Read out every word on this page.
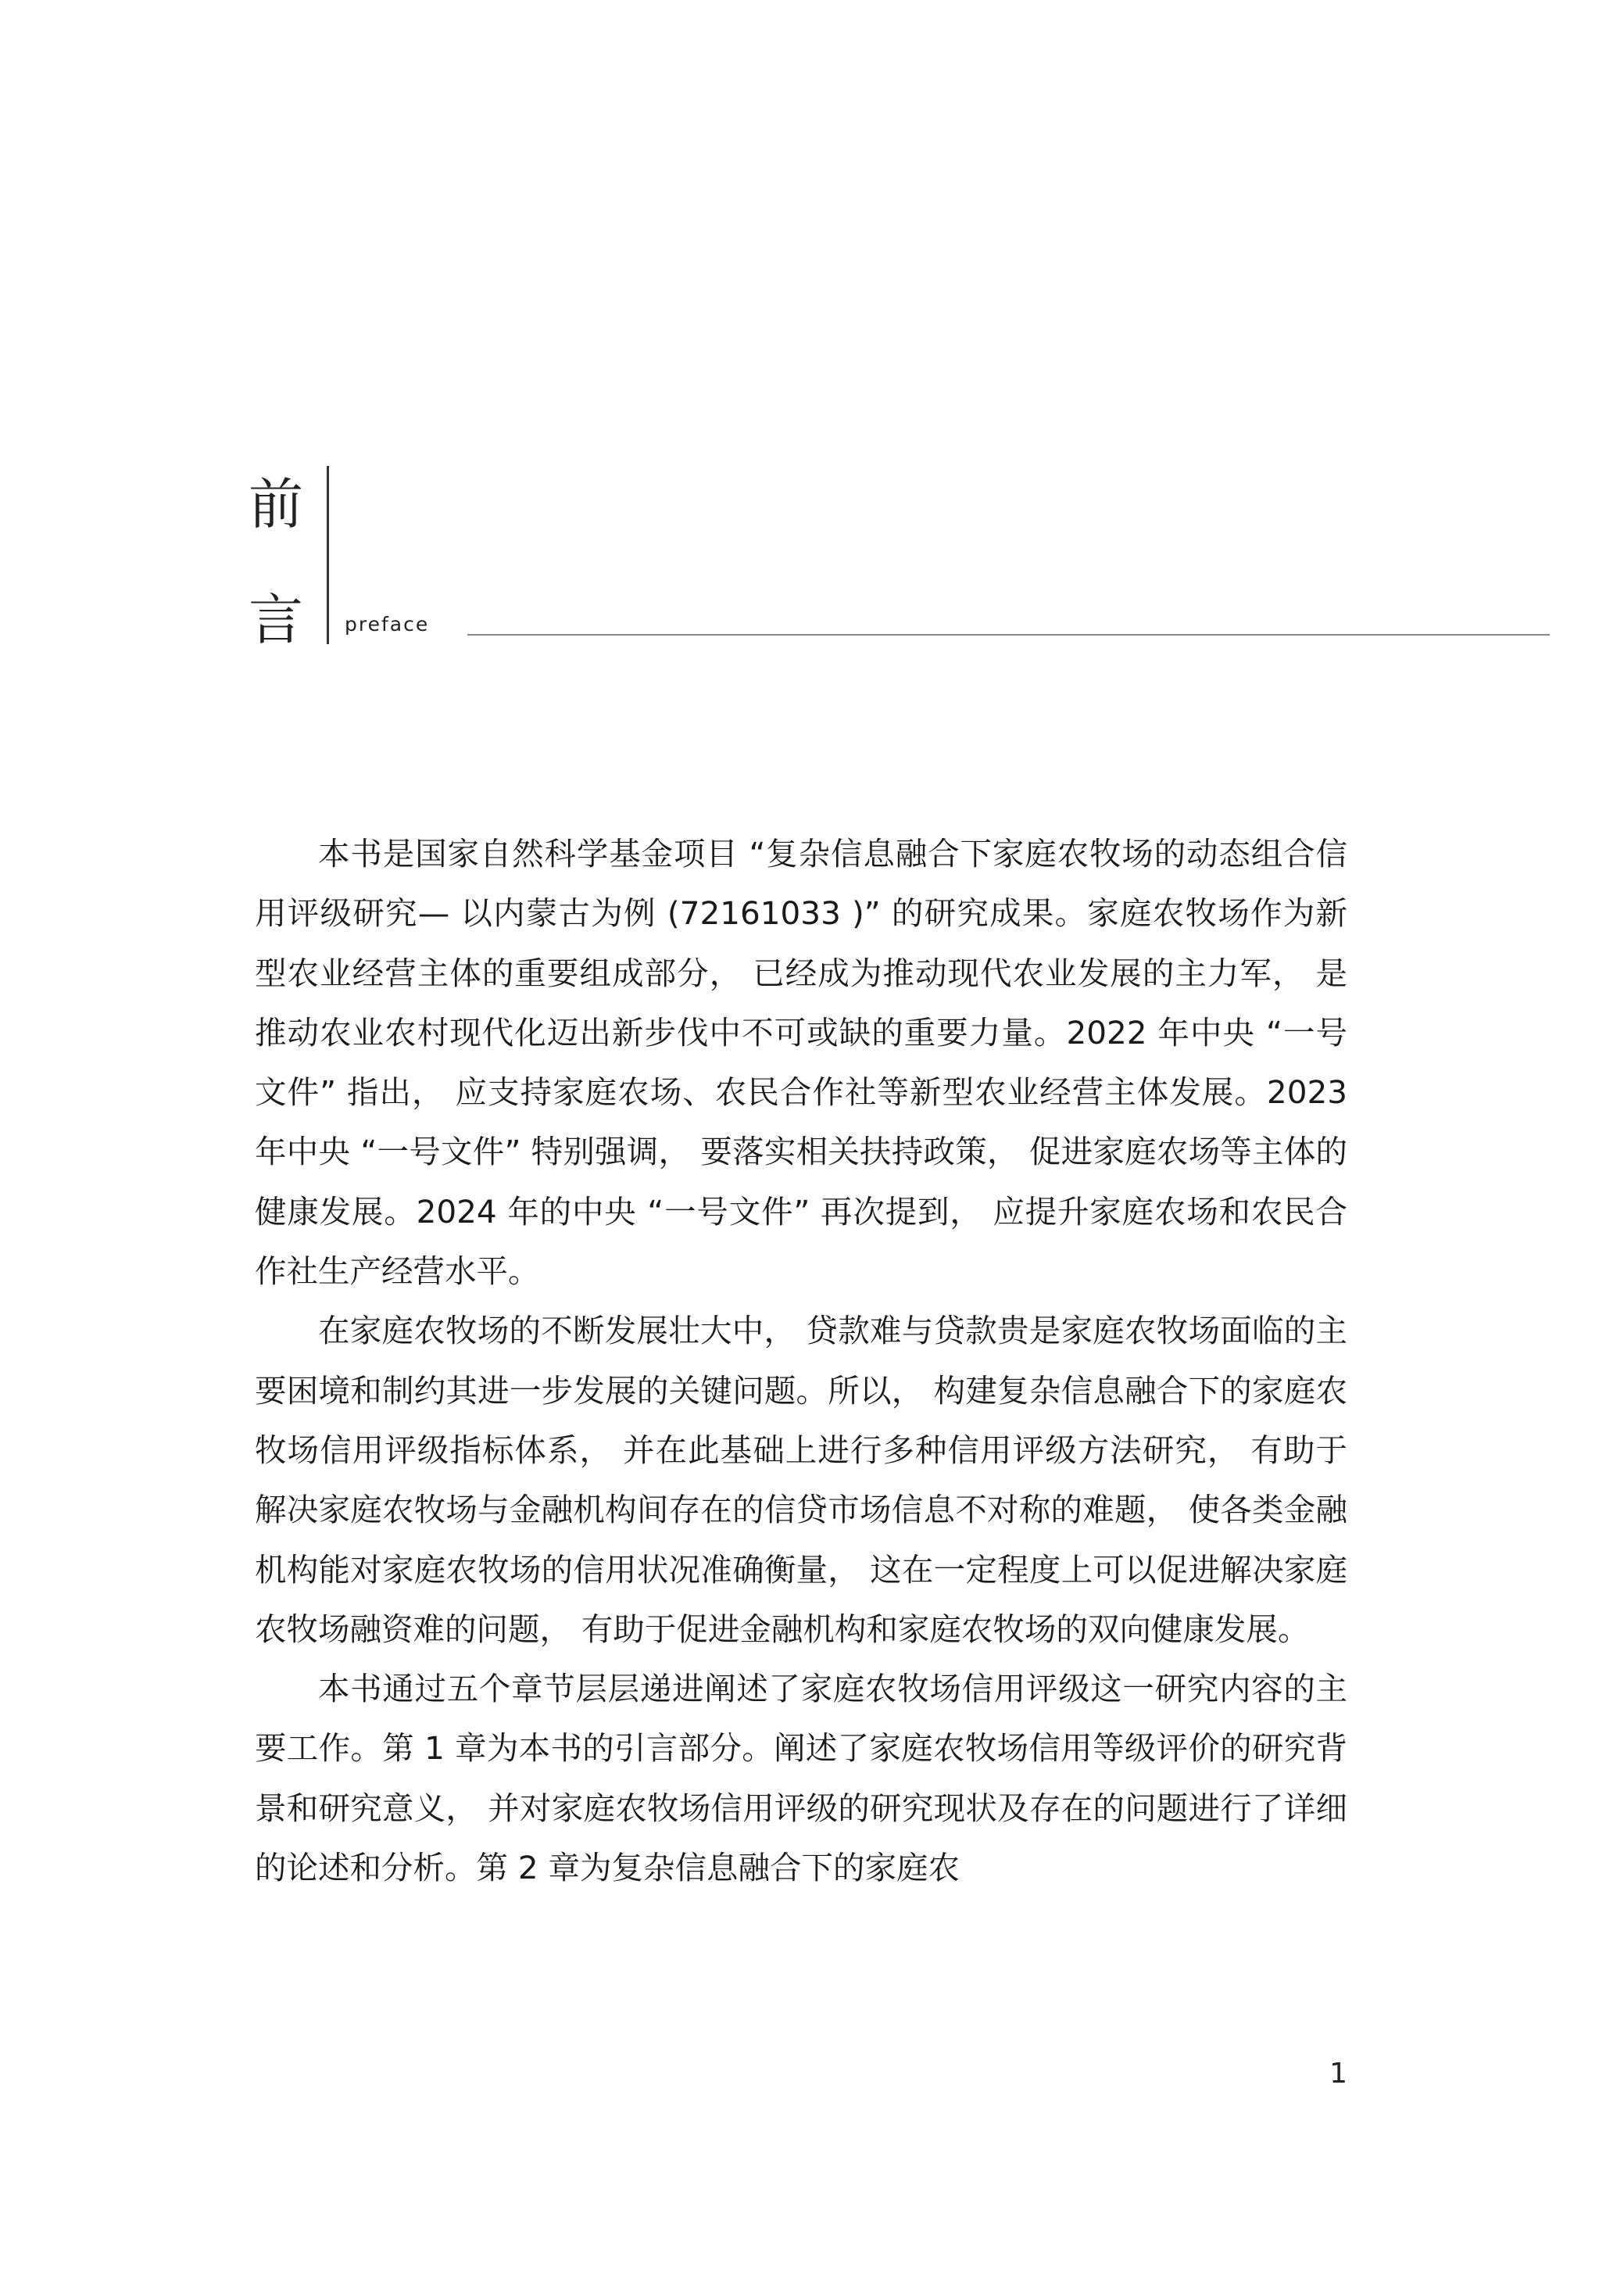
前
言 preface

本书是国家自然科学基金项目 “复杂信息融合下家庭农牧场的动态组合信用评级研究— 以内蒙古为例 (72161033 )” 的研究成果。家庭农牧场作为新型农业经营主体的重要组成部分， 已经成为推动现代农业发展的主力军， 是推动农业农村现代化迈出新步伐中不可或缺的重要力量。2022 年中央 “一号文件” 指出， 应支持家庭农场、农民合作社等新型农业经营主体发展。2023 年中央 “一号文件” 特别强调， 要落实相关扶持政策， 促进家庭农场等主体的健康发展。2024 年的中央 “一号文件” 再次提到， 应提升家庭农场和农民合作社生产经营水平。

在家庭农牧场的不断发展壮大中， 贷款难与贷款贵是家庭农牧场面临的主要困境和制约其进一步发展的关键问题。所以， 构建复杂信息融合下的家庭农牧场信用评级指标体系， 并在此基础上进行多种信用评级方法研究， 有助于解决家庭农牧场与金融机构间存在的信贷市场信息不对称的难题， 使各类金融机构能对家庭农牧场的信用状况准确衡量， 这在一定程度上可以促进解决家庭农牧场融资难的问题， 有助于促进金融机构和家庭农牧场的双向健康发展。

本书通过五个章节层层递进阐述了家庭农牧场信用评级这一研究内容的主要工作。第 1 章为本书的引言部分。阐述了家庭农牧场信用等级评价的研究背景和研究意义， 并对家庭农牧场信用评级的研究现状及存在的问题进行了详细的论述和分析。第 2 章为复杂信息融合下的家庭农

1
